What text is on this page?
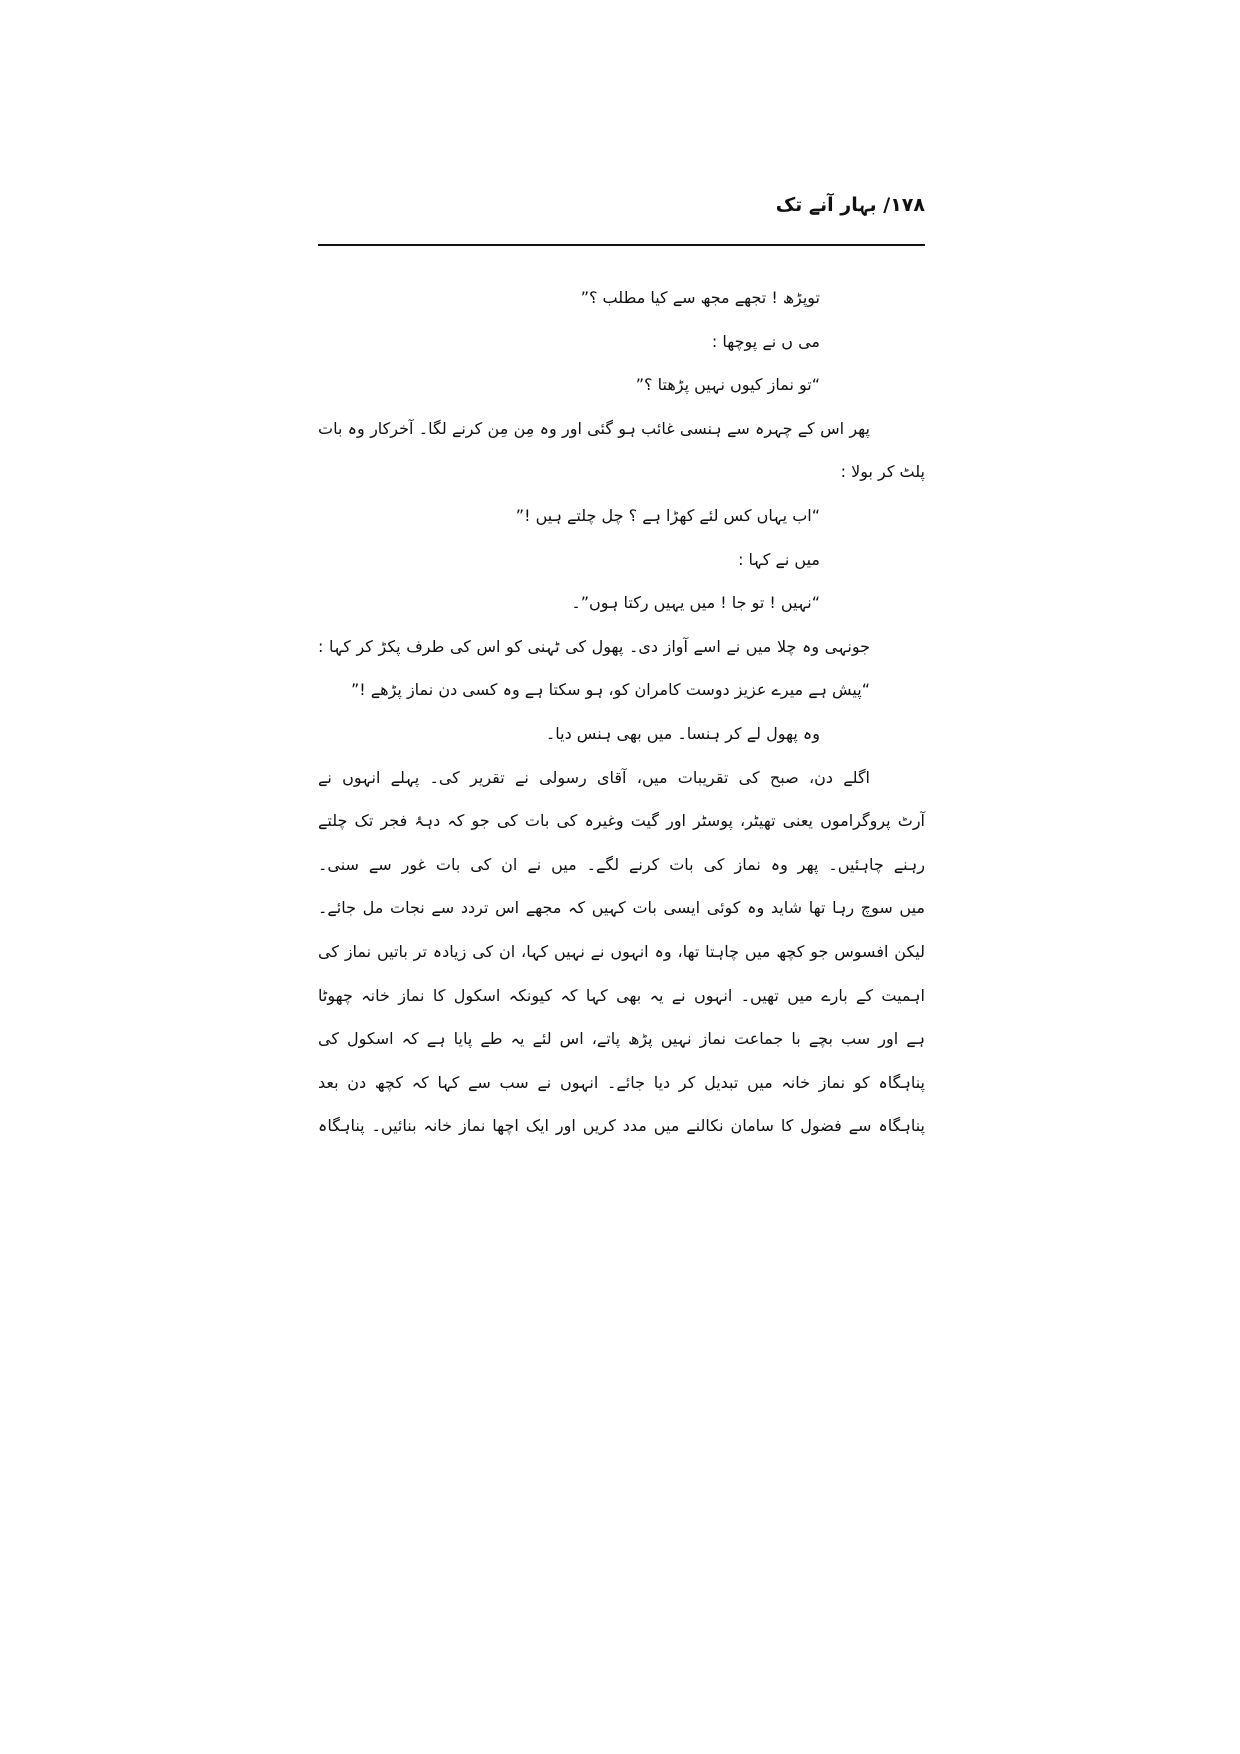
۱۷۸/ بہار آنے تک
توپڑھ ! تجھے مجھ سے کیا مطلب ؟”
می ں نے پوچھا :
“تو نماز کیوں نہیں پڑھتا ؟”
پھر اس کے چہرہ سے ہنسی غائب ہو گئی اور وہ مِن مِن کرنے لگا۔ آخرکار وہ بات
پلٹ کر بولا :
“اب یہاں کس لئے کھڑا ہے ؟ چل چلتے ہیں !”
میں نے کہا :
“نہیں ! تو جا ! میں یہیں رکتا ہوں”۔
جونہی وہ چلا میں نے اسے آواز دی۔ پھول کی ٹہنی کو اس کی طرف پکڑ کر کہا :
“پیش ہے میرے عزیز دوست کامران کو، ہو سکتا ہے وہ کسی دن نماز پڑھے !”
وہ پھول لے کر ہنسا۔ میں بھی ہنس دیا۔
اگلے دن، صبح کی تقریبات میں، آقای رسولی نے تقریر کی۔ پہلے انہوں نے
آرٹ پروگراموں یعنی تھیٹر، پوسٹر اور گیت وغیرہ کی بات کی جو کہ دہۂ فجر تک چلتے
رہنے چاہئیں۔ پھر وہ نماز کی بات کرنے لگے۔ میں نے ان کی بات غور سے سنی۔
میں سوچ رہا تھا شاید وہ کوئی ایسی بات کہیں کہ مجھے اس تردد سے نجات مل جائے۔
لیکن افسوس جو کچھ میں چاہتا تھا، وہ انہوں نے نہیں کہا، ان کی زیادہ تر باتیں نماز کی
اہمیت کے بارے میں تھیں۔ انہوں نے یہ بھی کہا کہ کیونکہ اسکول کا نماز خانہ چھوٹا
ہے اور سب بچے با جماعت نماز نہیں پڑھ پاتے، اس لئے یہ طے پایا ہے کہ اسکول کی
پناہگاہ کو نماز خانہ میں تبدیل کر دیا جائے۔ انہوں نے سب سے کہا کہ کچھ دن بعد
پناہگاہ سے فضول کا سامان نکالنے میں مدد کریں اور ایک اچھا نماز خانہ بنائیں۔ پناہگاہ
